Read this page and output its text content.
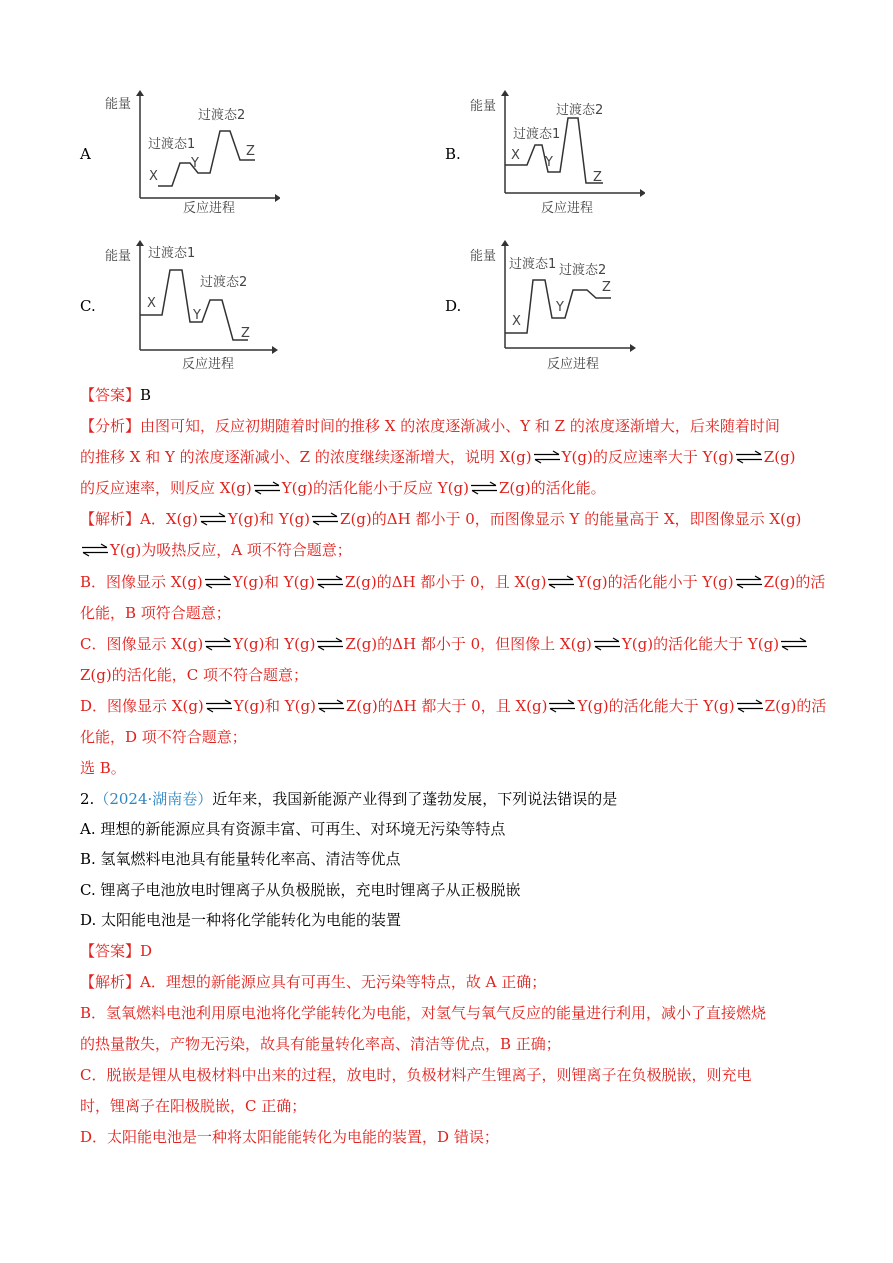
A	B.
C.	D.
能量
反应进程
过渡态1
过渡态2
X
Y
Z
能量
反应进程
过渡态1
过渡态2
X Y
Z
能量
反应进程
过渡态1
过渡态2
X
Y
Z
能量
反应进程
过渡态1 过渡态2
X
Y
Z
【答案】B
【分析】由图可知，反应初期随着时间的推移 X 的浓度逐渐减小、Y 和 Z 的浓度逐渐增大，后来随着时间
的推移 X 和 Y 的浓度逐渐减小、Z 的浓度继续逐渐增大，说明 X(g)⇌Y(g)的反应速率大于 Y(g)⇌Z(g)
的反应速率，则反应 X(g)⇌Y(g)的活化能小于反应 Y(g)⇌Z(g)的活化能。
【解析】A．X(g)⇌Y(g)和 Y(g)⇌Z(g)的ΔH 都小于 0，而图像显示 Y 的能量高于 X，即图像显示 X(g)
⇌Y(g)为吸热反应，A 项不符合题意；
B．图像显示 X(g)⇌Y(g)和 Y(g)⇌Z(g)的ΔH 都小于 0，且 X(g)⇌Y(g)的活化能小于 Y(g)⇌Z(g)的活
化能，B 项符合题意；
C．图像显示 X(g)⇌Y(g)和 Y(g)⇌Z(g)的ΔH 都小于 0，但图像上 X(g)⇌Y(g)的活化能大于 Y(g)⇌
Z(g)的活化能，C 项不符合题意；
D．图像显示 X(g)⇌Y(g)和 Y(g)⇌Z(g)的ΔH 都大于 0，且 X(g)⇌Y(g)的活化能大于 Y(g)⇌Z(g)的活
化能，D 项不符合题意；
选 B。
2.（2024·湖南卷）近年来，我国新能源产业得到了蓬勃发展，下列说法错误的是
A. 理想的新能源应具有资源丰富、可再生、对环境无污染等特点
B. 氢氧燃料电池具有能量转化率高、清洁等优点
C. 锂离子电池放电时锂离子从负极脱嵌，充电时锂离子从正极脱嵌
D. 太阳能电池是一种将化学能转化为电能的装置
【答案】D
【解析】A．理想的新能源应具有可再生、无污染等特点，故 A 正确；
B．氢氧燃料电池利用原电池将化学能转化为电能，对氢气与氧气反应的能量进行利用，减小了直接燃烧
的热量散失，产物无污染，故具有能量转化率高、清洁等优点，B 正确；
C．脱嵌是锂从电极材料中出来的过程，放电时，负极材料产生锂离子，则锂离子在负极脱嵌，则充电
时，锂离子在阳极脱嵌，C 正确；
D．太阳能电池是一种将太阳能能转化为电能的装置，D 错误；
